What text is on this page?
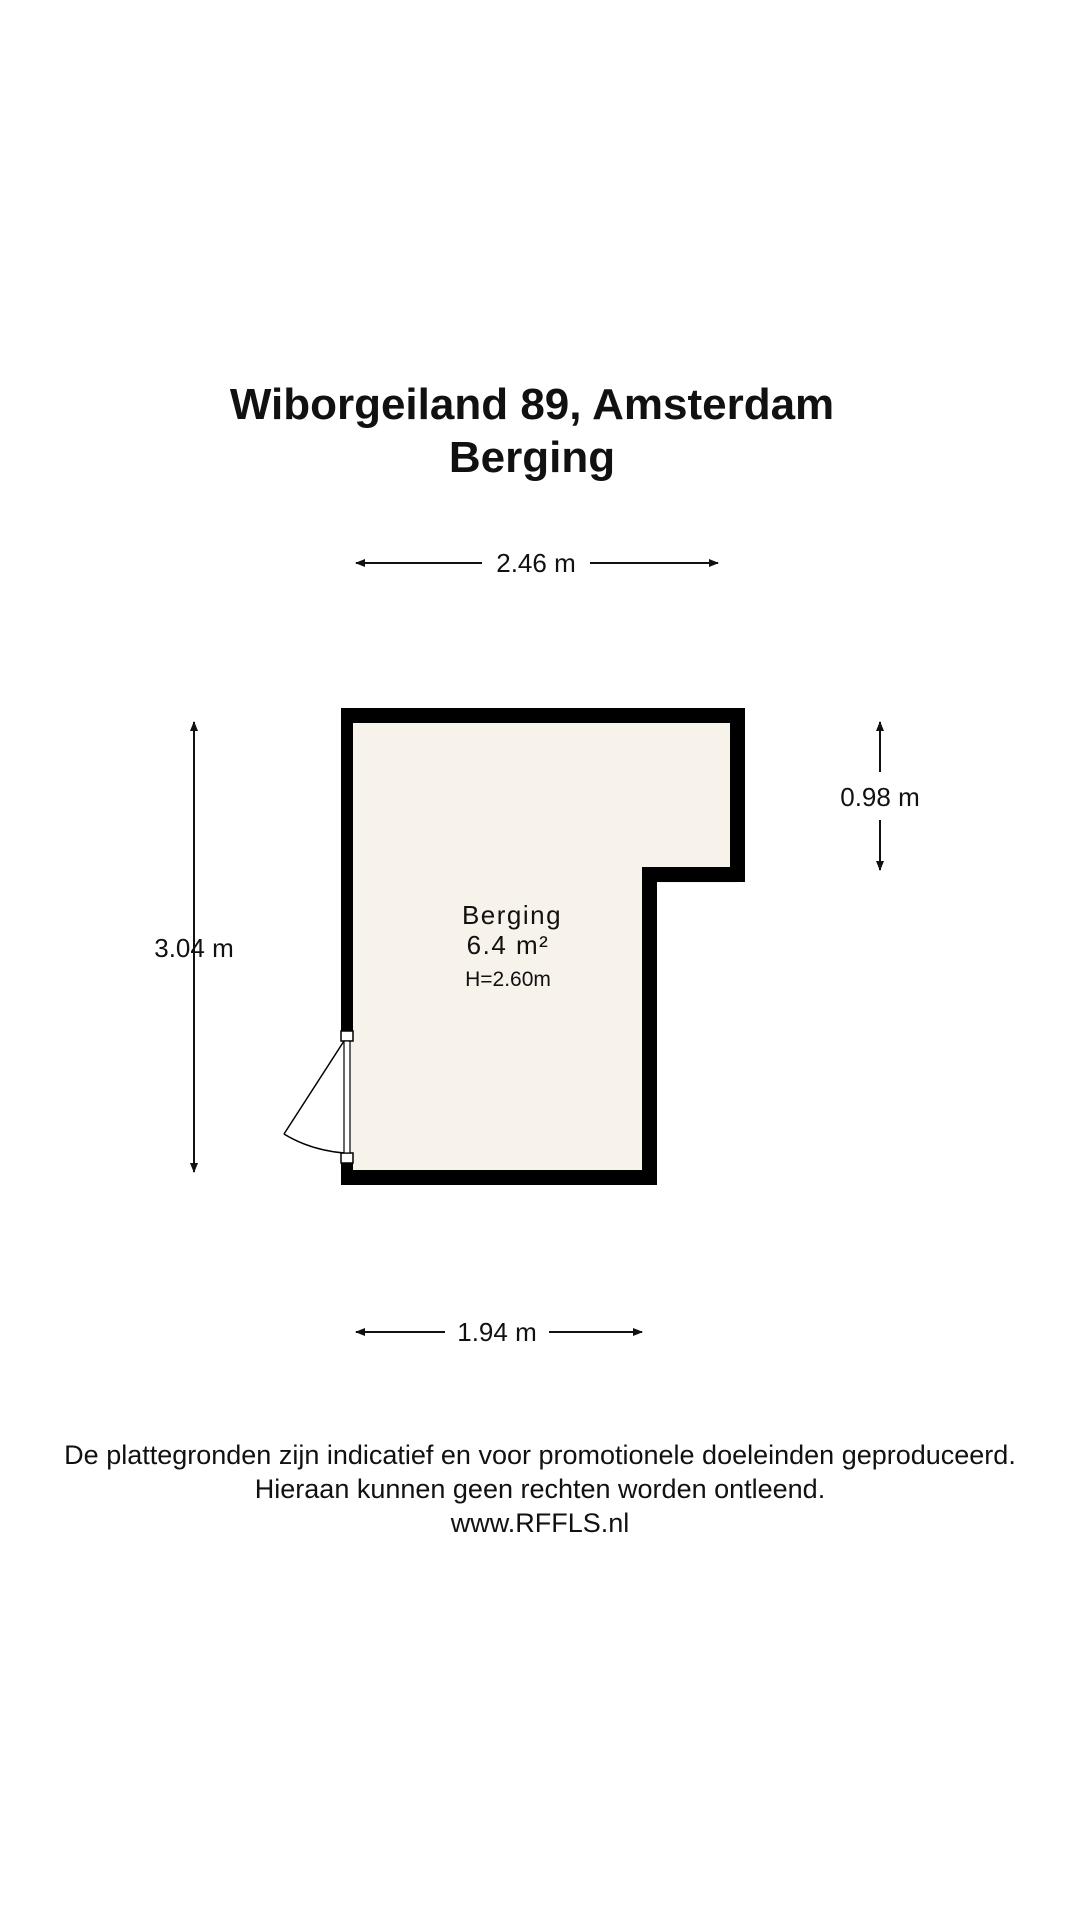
Wiborgeiland 89, Amsterdam
Berging
2.46 m
1.94 m
3.04 m
0.98 m
Berging
6.4 m²
H=2.60m

De plattegronden zijn indicatief en voor promotionele doeleinden geproduceerd.

Hieraan kunnen geen rechten worden ontleend.

www.RFFLS.nl
